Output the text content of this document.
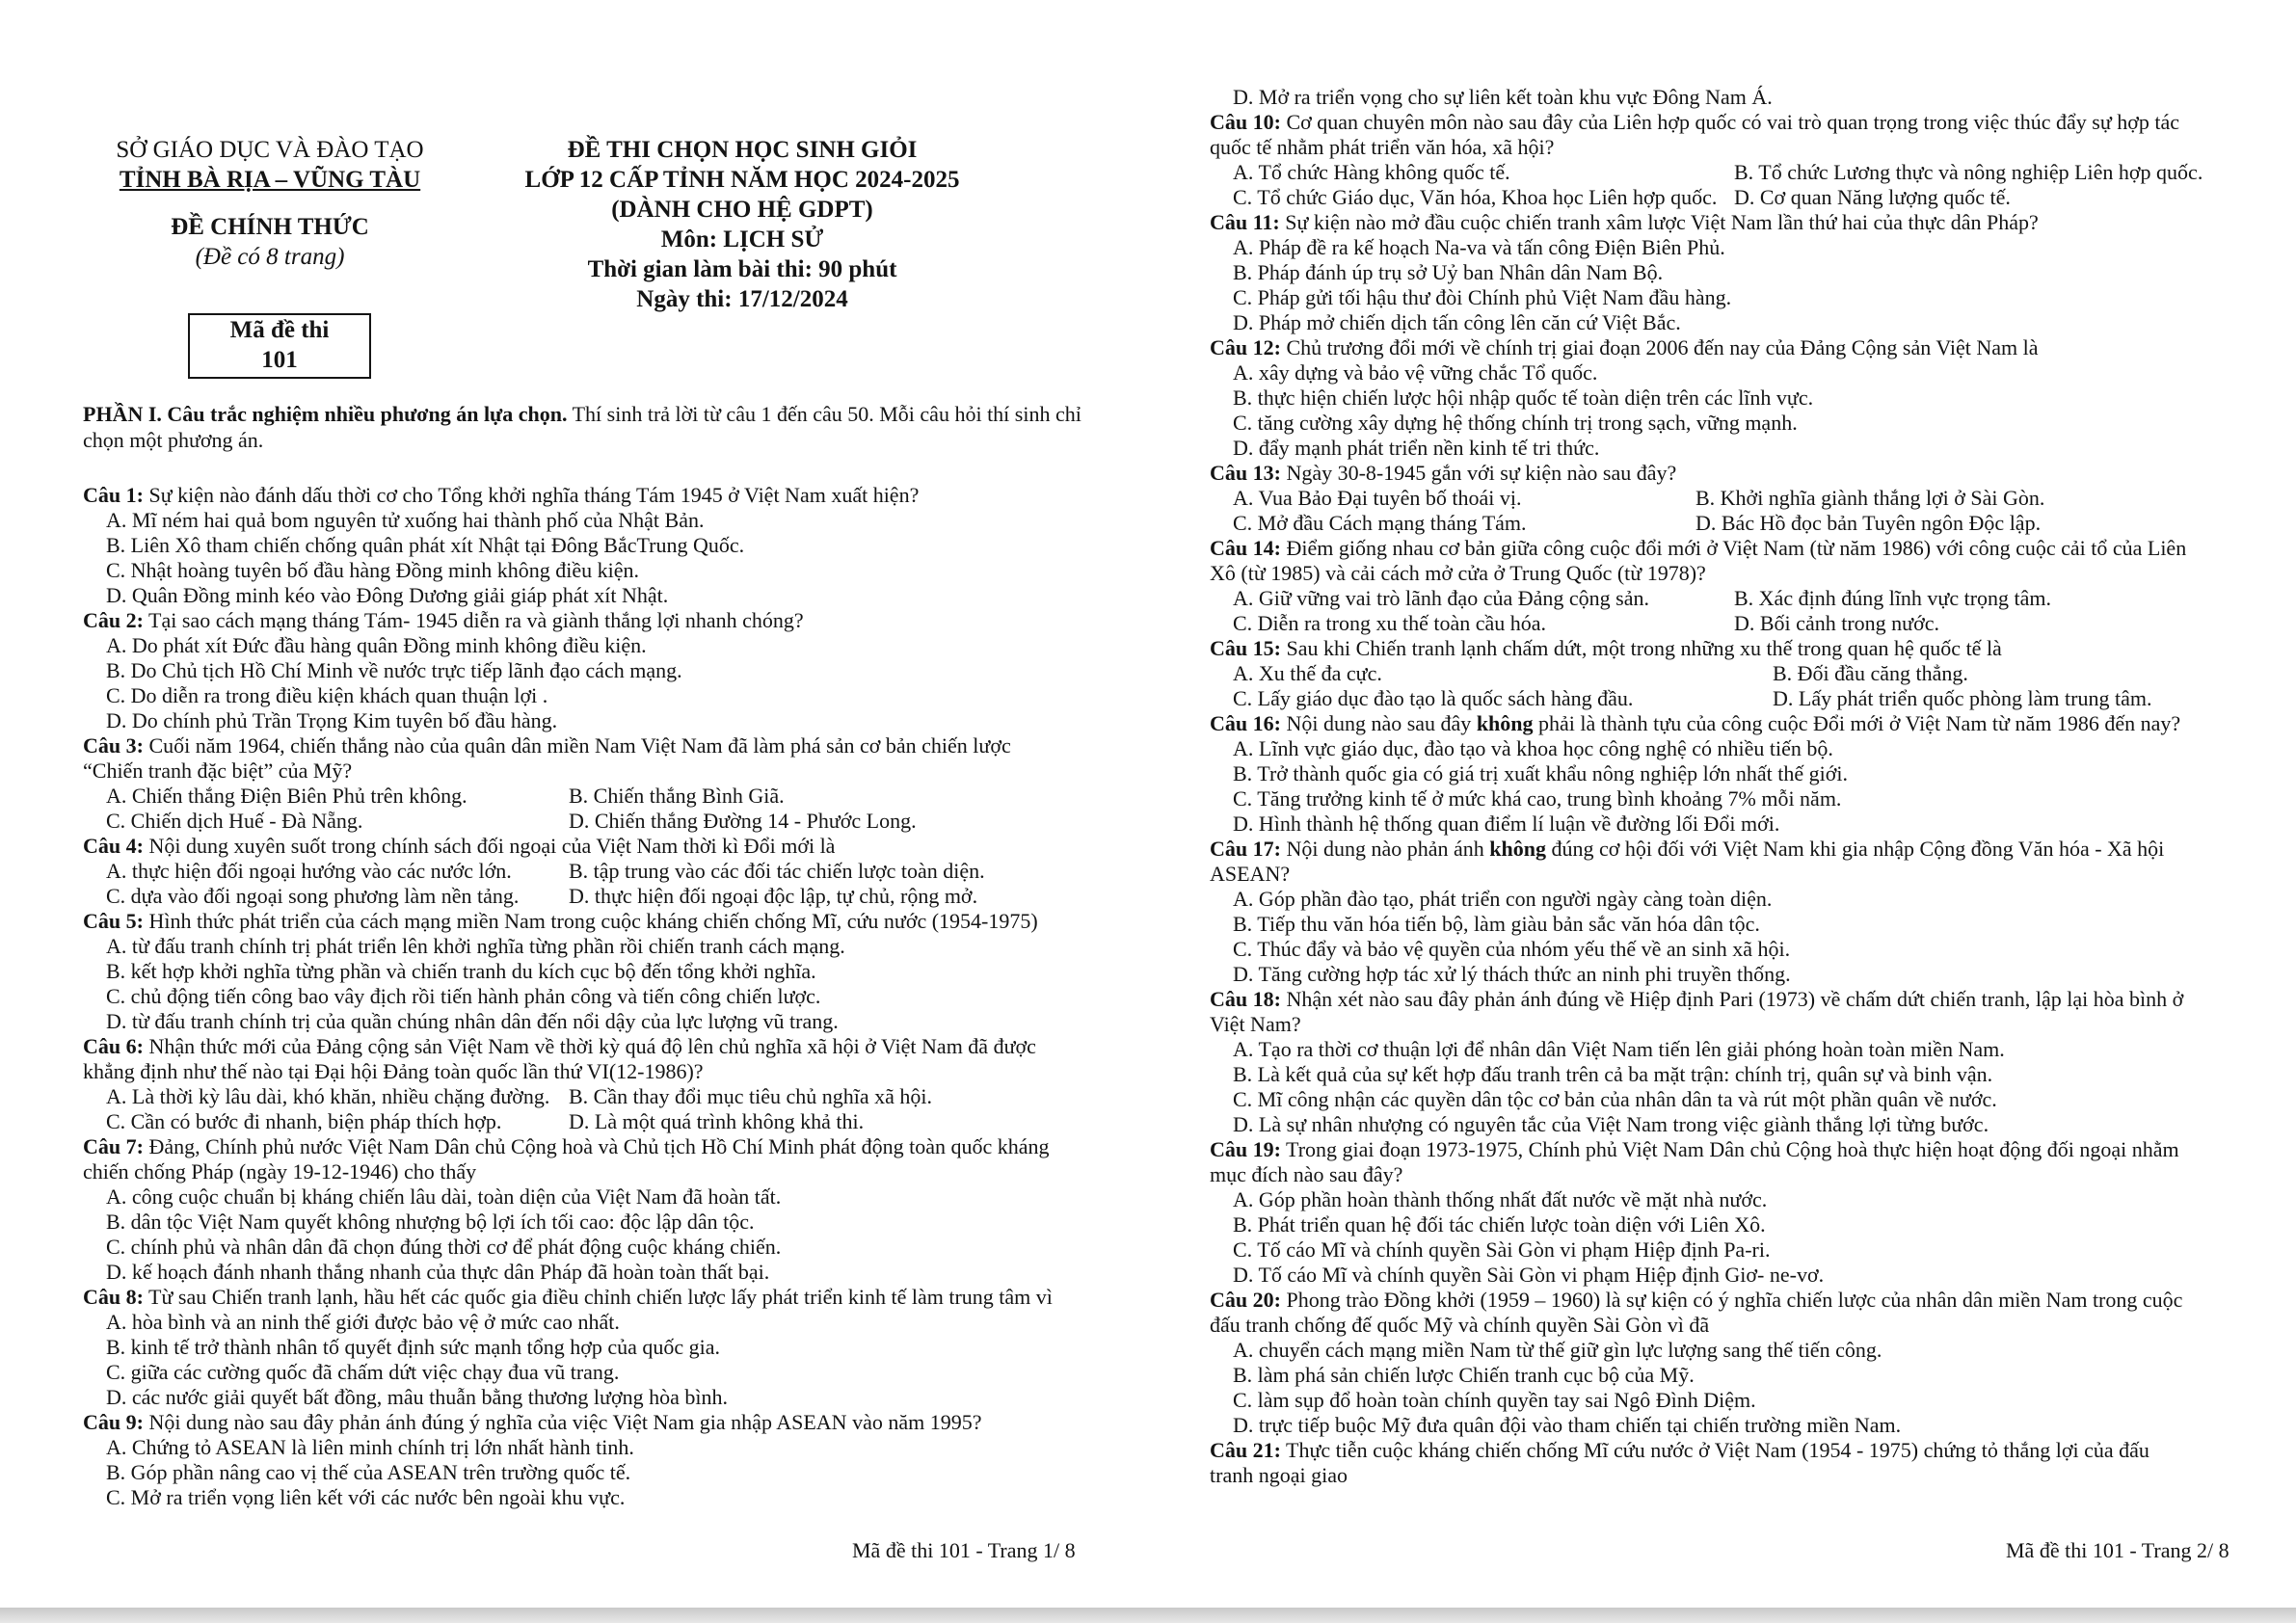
SỞ GIÁO DỤC VÀ ĐÀO TẠO
TỈNH BÀ RỊA – VŨNG TÀU
ĐỀ CHÍNH THỨC
(Đề có 8 trang)
Mã đề thi
101
ĐỀ THI CHỌN HỌC SINH GIỎI
LỚP 12 CẤP TỈNH NĂM HỌC 2024-2025
(DÀNH CHO HỆ GDPT)
Môn: LỊCH SỬ
Thời gian làm bài thi: 90 phút
Ngày thi: 17/12/2024
PHẦN I. Câu trắc nghiệm nhiều phương án lựa chọn. Thí sinh trả lời từ câu 1 đến câu 50. Mỗi câu hỏi thí sinh chỉ chọn một phương án.
Câu 1: Sự kiện nào đánh dấu thời cơ cho Tổng khởi nghĩa tháng Tám 1945 ở Việt Nam xuất hiện?
A. Mĩ ném hai quả bom nguyên tử xuống hai thành phố của Nhật Bản.
B. Liên Xô tham chiến chống quân phát xít Nhật tại Đông BắcTrung Quốc.
C. Nhật hoàng tuyên bố đầu hàng Đồng minh không điều kiện.
D. Quân Đồng minh kéo vào Đông Dương giải giáp phát xít Nhật.
Câu 2: Tại sao cách mạng tháng Tám- 1945 diễn ra và giành thắng lợi nhanh chóng?
A. Do phát xít Đức đầu hàng quân Đồng minh không điều kiện.
B. Do Chủ tịch Hồ Chí Minh về nước trực tiếp lãnh đạo cách mạng.
C. Do diễn ra trong điều kiện khách quan thuận lợi .
D. Do chính phủ Trần Trọng Kim tuyên bố đầu hàng.
Câu 3: Cuối năm 1964, chiến thắng nào của quân dân miền Nam Việt Nam đã làm phá sản cơ bản chiến lược
“Chiến tranh đặc biệt” của Mỹ?
A. Chiến thắng Điện Biên Phủ trên không.	B. Chiến thắng Bình Giã.
C. Chiến dịch Huế - Đà Nẵng.	D. Chiến thắng Đường 14 - Phước Long.
Câu 4: Nội dung xuyên suốt trong chính sách đối ngoại của Việt Nam thời kì Đổi mới là
A. thực hiện đối ngoại hướng vào các nước lớn.	B. tập trung vào các đối tác chiến lược toàn diện.
C. dựa vào đối ngoại song phương làm nền tảng.	D. thực hiện đối ngoại độc lập, tự chủ, rộng mở.
Câu 5: Hình thức phát triển của cách mạng miền Nam trong cuộc kháng chiến chống Mĩ, cứu nước (1954-1975)
A. từ đấu tranh chính trị phát triển lên khởi nghĩa từng phần rồi chiến tranh cách mạng.
B. kết hợp khởi nghĩa từng phần và chiến tranh du kích cục bộ đến tổng khởi nghĩa.
C. chủ động tiến công bao vây địch rồi tiến hành phản công và tiến công chiến lược.
D. từ đấu tranh chính trị của quần chúng nhân dân đến nổi dậy của lực lượng vũ trang.
Câu 6: Nhận thức mới của Đảng cộng sản Việt Nam về thời kỳ quá độ lên chủ nghĩa xã hội ở Việt Nam đã được
khẳng định như thế nào tại Đại hội Đảng toàn quốc lần thứ VI(12-1986)?
A. Là thời kỳ lâu dài, khó khăn, nhiều chặng đường. B. Cần thay đổi mục tiêu chủ nghĩa xã hội.
C. Cần có bước đi nhanh, biện pháp thích hợp.	D. Là một quá trình không khả thi.
Câu 7: Đảng, Chính phủ nước Việt Nam Dân chủ Cộng hoà và Chủ tịch Hồ Chí Minh phát động toàn quốc kháng
chiến chống Pháp (ngày 19-12-1946) cho thấy
A. công cuộc chuẩn bị kháng chiến lâu dài, toàn diện của Việt Nam đã hoàn tất.
B. dân tộc Việt Nam quyết không nhượng bộ lợi ích tối cao: độc lập dân tộc.
C. chính phủ và nhân dân đã chọn đúng thời cơ để phát động cuộc kháng chiến.
D. kế hoạch đánh nhanh thắng nhanh của thực dân Pháp đã hoàn toàn thất bại.
Câu 8: Từ sau Chiến tranh lạnh, hầu hết các quốc gia điều chỉnh chiến lược lấy phát triển kinh tế làm trung tâm vì
A. hòa bình và an ninh thế giới được bảo vệ ở mức cao nhất.
B. kinh tế trở thành nhân tố quyết định sức mạnh tổng hợp của quốc gia.
C. giữa các cường quốc đã chấm dứt việc chạy đua vũ trang.
D. các nước giải quyết bất đồng, mâu thuẫn bằng thương lượng hòa bình.
Câu 9: Nội dung nào sau đây phản ánh đúng ý nghĩa của việc Việt Nam gia nhập ASEAN vào năm 1995?
A. Chứng tỏ ASEAN là liên minh chính trị lớn nhất hành tinh.
B. Góp phần nâng cao vị thế của ASEAN trên trường quốc tế.
C. Mở ra triển vọng liên kết với các nước bên ngoài khu vực.
Mã đề thi 101 - Trang 1/ 8
D. Mở ra triển vọng cho sự liên kết toàn khu vực Đông Nam Á.
Câu 10: Cơ quan chuyên môn nào sau đây của Liên hợp quốc có vai trò quan trọng trong việc thúc đẩy sự hợp tác
quốc tế nhằm phát triển văn hóa, xã hội?
A. Tổ chức Hàng không quốc tế.	B. Tổ chức Lương thực và nông nghiệp Liên hợp quốc.
C. Tổ chức Giáo dục, Văn hóa, Khoa học Liên hợp quốc. D. Cơ quan Năng lượng quốc tế.
Câu 11: Sự kiện nào mở đầu cuộc chiến tranh xâm lược Việt Nam lần thứ hai của thực dân Pháp?
A. Pháp đề ra kế hoạch Na-va và tấn công Điện Biên Phủ.
B. Pháp đánh úp trụ sở Uỷ ban Nhân dân Nam Bộ.
C. Pháp gửi tối hậu thư đòi Chính phủ Việt Nam đầu hàng.
D. Pháp mở chiến dịch tấn công lên căn cứ Việt Bắc.
Câu 12: Chủ trương đổi mới về chính trị giai đoạn 2006 đến nay của Đảng Cộng sản Việt Nam là
A. xây dựng và bảo vệ vững chắc Tổ quốc.
B. thực hiện chiến lược hội nhập quốc tế toàn diện trên các lĩnh vực.
C. tăng cường xây dựng hệ thống chính trị trong sạch, vững mạnh.
D. đẩy mạnh phát triển nền kinh tế tri thức.
Câu 13: Ngày 30-8-1945 gắn với sự kiện nào sau đây?
A. Vua Bảo Đại tuyên bố thoái vị.	B. Khởi nghĩa giành thắng lợi ở Sài Gòn.
C. Mở đầu Cách mạng tháng Tám.	D. Bác Hồ đọc bản Tuyên ngôn Độc lập.
Câu 14: Điểm giống nhau cơ bản giữa công cuộc đổi mới ở Việt Nam (từ năm 1986) với công cuộc cải tổ của Liên
Xô (từ 1985) và cải cách mở cửa ở Trung Quốc (từ 1978)?
A. Giữ vững vai trò lãnh đạo của Đảng cộng sản.	B. Xác định đúng lĩnh vực trọng tâm.
C. Diễn ra trong xu thế toàn cầu hóa.	D. Bối cảnh trong nước.
Câu 15: Sau khi Chiến tranh lạnh chấm dứt, một trong những xu thế trong quan hệ quốc tế là
A. Xu thế đa cực.	B. Đối đầu căng thẳng.
C. Lấy giáo dục đào tạo là quốc sách hàng đầu.	D. Lấy phát triển quốc phòng làm trung tâm.
Câu 16: Nội dung nào sau đây không phải là thành tựu của công cuộc Đổi mới ở Việt Nam từ năm 1986 đến nay?
A. Lĩnh vực giáo dục, đào tạo và khoa học công nghệ có nhiều tiến bộ.
B. Trở thành quốc gia có giá trị xuất khẩu nông nghiệp lớn nhất thế giới.
C. Tăng trưởng kinh tế ở mức khá cao, trung bình khoảng 7% mỗi năm.
D. Hình thành hệ thống quan điểm lí luận về đường lối Đổi mới.
Câu 17: Nội dung nào phản ánh không đúng cơ hội đối với Việt Nam khi gia nhập Cộng đồng Văn hóa - Xã hội
ASEAN?
A. Góp phần đào tạo, phát triển con người ngày càng toàn diện.
B. Tiếp thu văn hóa tiến bộ, làm giàu bản sắc văn hóa dân tộc.
C. Thúc đẩy và bảo vệ quyền của nhóm yếu thế về an sinh xã hội.
D. Tăng cường hợp tác xử lý thách thức an ninh phi truyền thống.
Câu 18: Nhận xét nào sau đây phản ánh đúng về Hiệp định Pari (1973) về chấm dứt chiến tranh, lập lại hòa bình ở
Việt Nam?
A. Tạo ra thời cơ thuận lợi để nhân dân Việt Nam tiến lên giải phóng hoàn toàn miền Nam.
B. Là kết quả của sự kết hợp đấu tranh trên cả ba mặt trận: chính trị, quân sự và binh vận.
C. Mĩ công nhận các quyền dân tộc cơ bản của nhân dân ta và rút một phần quân về nước.
D. Là sự nhân nhượng có nguyên tắc của Việt Nam trong việc giành thắng lợi từng bước.
Câu 19: Trong giai đoạn 1973-1975, Chính phủ Việt Nam Dân chủ Cộng hoà thực hiện hoạt động đối ngoại nhằm
mục đích nào sau đây?
A. Góp phần hoàn thành thống nhất đất nước về mặt nhà nước.
B. Phát triển quan hệ đối tác chiến lược toàn diện với Liên Xô.
C. Tố cáo Mĩ và chính quyền Sài Gòn vi phạm Hiệp định Pa-ri.
D. Tố cáo Mĩ và chính quyền Sài Gòn vi phạm Hiệp định Giơ- ne-vơ.
Câu 20: Phong trào Đồng khởi (1959 – 1960) là sự kiện có ý nghĩa chiến lược của nhân dân miền Nam trong cuộc
đấu tranh chống đế quốc Mỹ và chính quyền Sài Gòn vì đã
A. chuyển cách mạng miền Nam từ thế giữ gìn lực lượng sang thế tiến công.
B. làm phá sản chiến lược Chiến tranh cục bộ của Mỹ.
C. làm sụp đổ hoàn toàn chính quyền tay sai Ngô Đình Diệm.
D. trực tiếp buộc Mỹ đưa quân đội vào tham chiến tại chiến trường miền Nam.
Câu 21: Thực tiễn cuộc kháng chiến chống Mĩ cứu nước ở Việt Nam (1954 - 1975) chứng tỏ thắng lợi của đấu
tranh ngoại giao
Mã đề thi 101 - Trang 2/ 8
